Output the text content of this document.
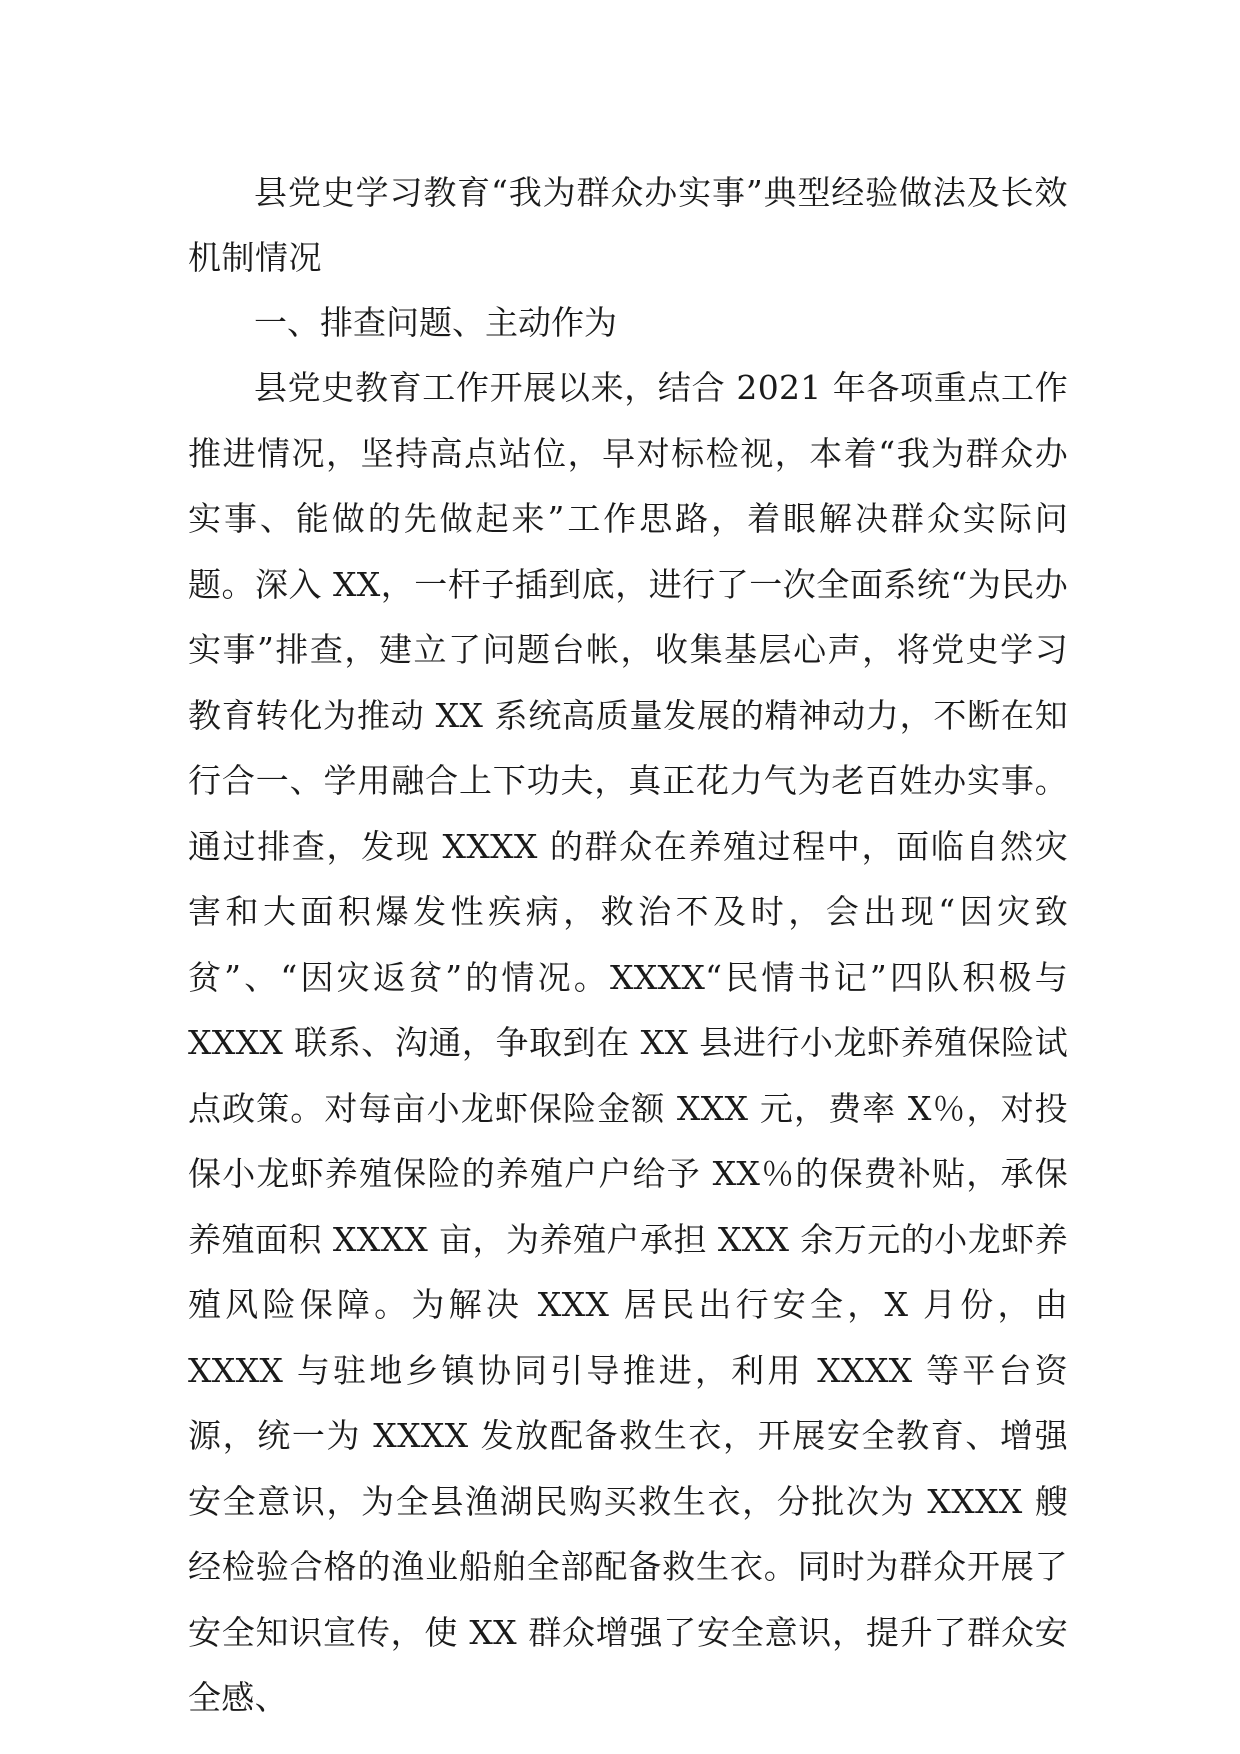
县党史学习教育“我为群众办实事”典型经验做法及长效机制情况

一、排查问题、主动作为

县党史教育工作开展以来，结合 2021 年各项重点工作推进情况，坚持高点站位，早对标检视，本着“我为群众办实事、能做的先做起来”工作思路，着眼解决群众实际问题。深入 XX，一杆子插到底，进行了一次全面系统“为民办实事”排查，建立了问题台帐，收集基层心声，将党史学习教育转化为推动 XX 系统高质量发展的精神动力，不断在知行合一、学用融合上下功夫，真正花力气为老百姓办实事。通过排查，发现 XXXX 的群众在养殖过程中，面临自然灾害和大面积爆发性疾病，救治不及时，会出现“因灾致贫”、“因灾返贫”的情况。XXXX“民情书记”四队积极与 XXXX 联系、沟通，争取到在 XX 县进行小龙虾养殖保险试点政策。对每亩小龙虾保险金额 XXX 元，费率 X％，对投保小龙虾养殖保险的养殖户户给予 XX％的保费补贴，承保养殖面积 XXXX 亩，为养殖户承担 XXX 余万元的小龙虾养殖风险保障。为解决 XXX 居民出行安全，X 月份，由 XXXX 与驻地乡镇协同引导推进，利用 XXXX 等平台资源，统一为 XXXX 发放配备救生衣，开展安全教育、增强安全意识，为全县渔湖民购买救生衣，分批次为 XXXX 艘经检验合格的渔业船舶全部配备救生衣。同时为群众开展了安全知识宣传，使 XX 群众增强了安全意识，提升了群众安全感、
